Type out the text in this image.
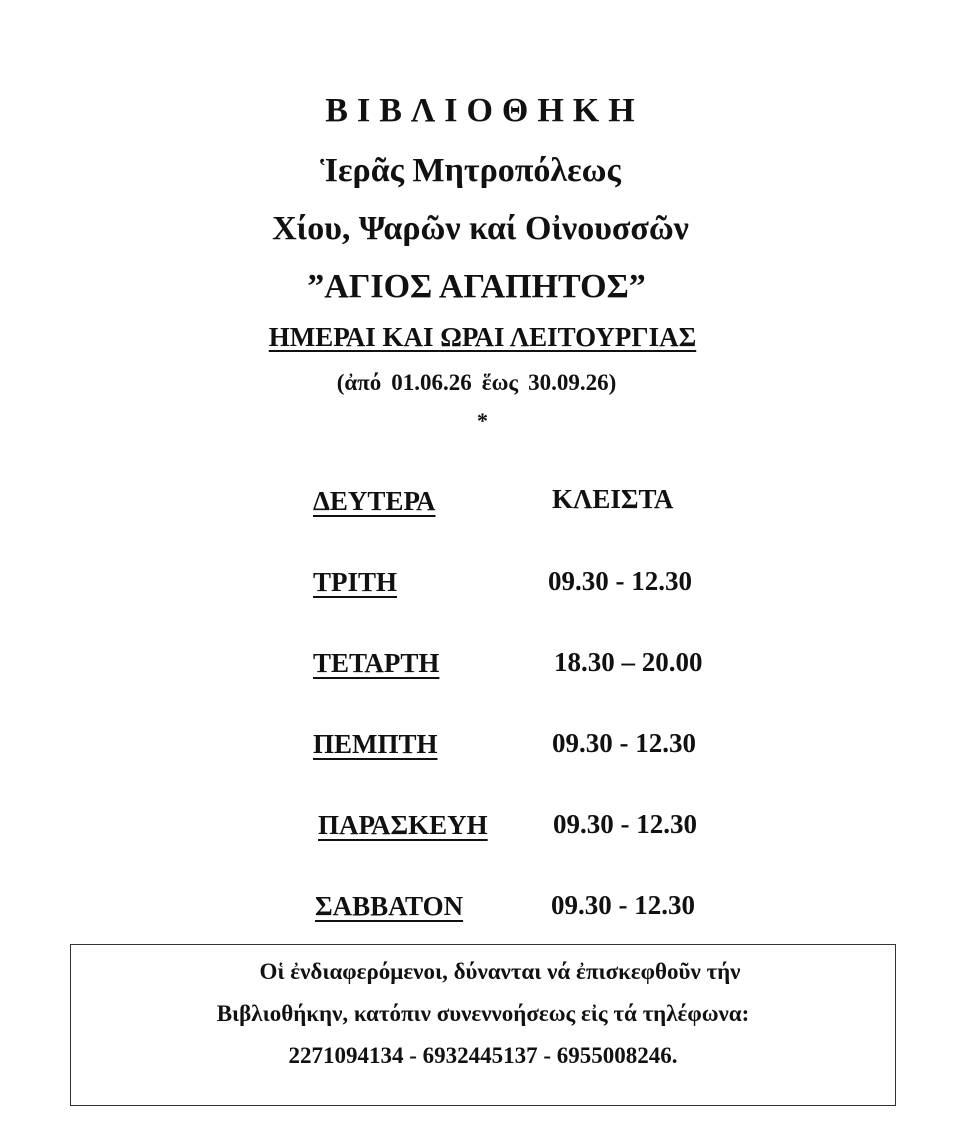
ΒΙΒΛΙΟΘΗΚΗ
Ἱερᾶς Μητροπόλεως
Χίου, Ψαρῶν καί Οἰνουσσῶν
”ΑΓΙΟΣ ΑΓΑΠΗΤΟΣ”
ΗΜΕΡΑΙ ΚΑΙ ΩΡΑΙ ΛΕΙΤΟΥΡΓΙΑΣ
(ἀπό 01.06.26 ἕως 30.09.26)
*
ΔΕΥΤΕΡΑ	ΚΛΕΙΣΤΑ
ΤΡΙΤΗ	09.30 - 12.30
ΤΕΤΑΡΤΗ	18.30 – 20.00
ΠΕΜΠΤΗ	09.30 - 12.30
ΠΑΡΑΣΚΕΥΗ 09.30 - 12.30
ΣΑΒΒΑΤΟΝ	09.30 - 12.30
Οἱ ἐνδιαφερόμενοι, δύνανται νά ἐπισκεφθοῦν τήν
Βιβλιοθήκην, κατόπιν συνεννοήσεως εἰς τά τηλέφωνα:
2271094134 - 6932445137 - 6955008246.
